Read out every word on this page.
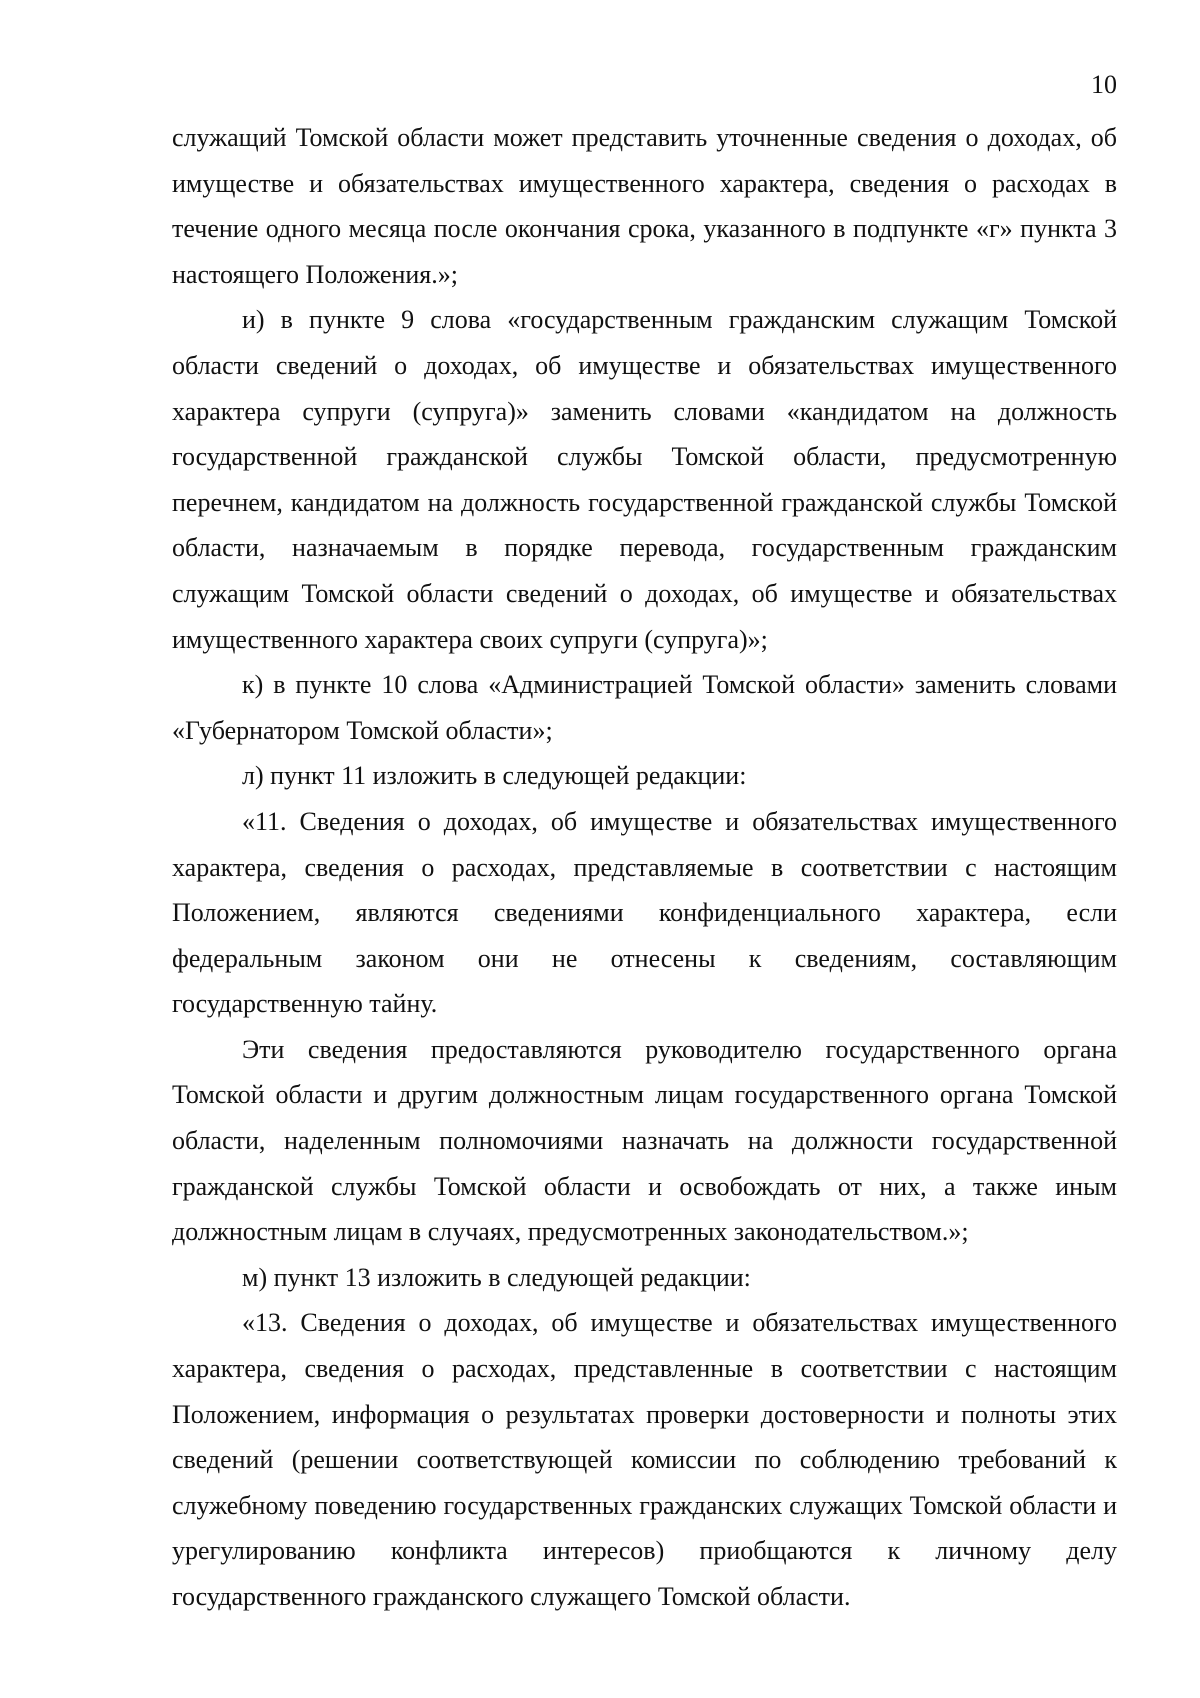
10

служащий Томской области может представить уточненные сведения о доходах, об имуществе и обязательствах имущественного характера, сведения о расходах в течение одного месяца после окончания срока, указанного в подпункте «г» пункта 3 настоящего Положения.»;

и) в пункте 9 слова «государственным гражданским служащим Томской области сведений о доходах, об имуществе и обязательствах имущественного характера супруги (супруга)» заменить словами «кандидатом на должность государственной гражданской службы Томской области, предусмотренную перечнем, кандидатом на должность государственной гражданской службы Томской области, назначаемым в порядке перевода, государственным гражданским служащим Томской области сведений о доходах, об имуществе и обязательствах имущественного характера своих супруги (супруга)»;

к) в пункте 10 слова «Администрацией Томской области» заменить словами «Губернатором Томской области»;

л) пункт 11 изложить в следующей редакции:

«11. Сведения о доходах, об имуществе и обязательствах имущественного характера, сведения о расходах, представляемые в соответствии с настоящим Положением, являются сведениями конфиденциального характера, если федеральным законом они не отнесены к сведениям, составляющим государственную тайну.

Эти сведения предоставляются руководителю государственного органа Томской области и другим должностным лицам государственного органа Томской области, наделенным полномочиями назначать на должности государственной гражданской службы Томской области и освобождать от них, а также иным должностным лицам в случаях, предусмотренных законодательством.»;

м) пункт 13 изложить в следующей редакции:

«13. Сведения о доходах, об имуществе и обязательствах имущественного характера, сведения о расходах, представленные в соответствии с настоящим Положением, информация о результатах проверки достоверности и полноты этих сведений (решении соответствующей комиссии по соблюдению требований к служебному поведению государственных гражданских служащих Томской области и урегулированию конфликта интересов) приобщаются к личному делу государственного гражданского служащего Томской области.
